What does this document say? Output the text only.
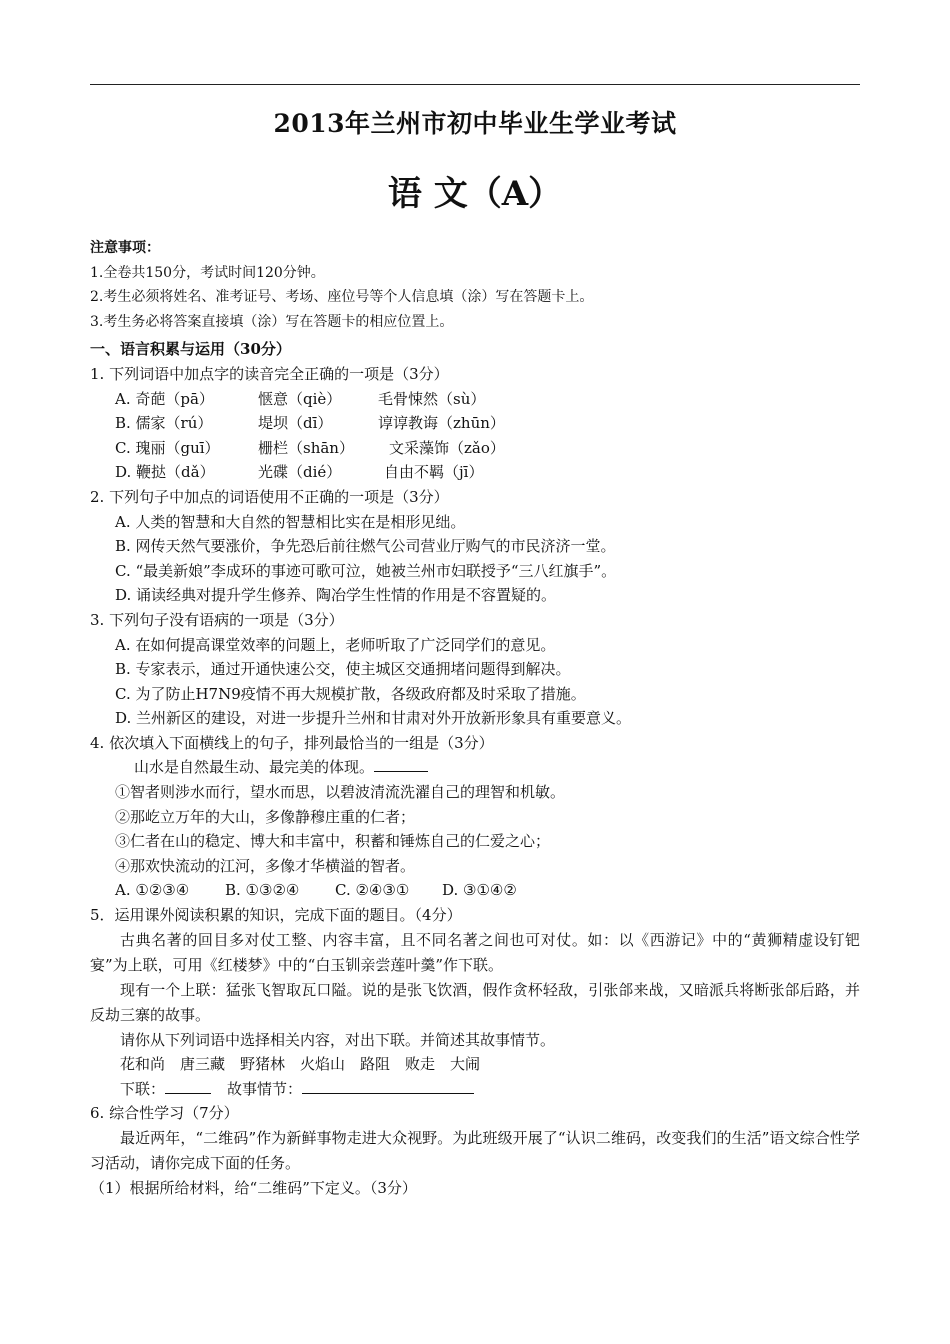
2013年兰州市初中毕业生学业考试
语 文（A）
注意事项：
1.全卷共150分，考试时间120分钟。
2.考生必须将姓名、准考证号、考场、座位号等个人信息填（涂）写在答题卡上。
3.考生务必将答案直接填（涂）写在答题卡的相应位置上。
一、语言积累与运用（30分）
1. 下列词语中加点字的读音完全正确的一项是（3分）
A. 奇葩（pā）	惬意（qiè） 毛骨悚然（sù）
B. 儒家（rú）	堤坝（dī）	谆谆教诲（zhūn）
C. 瑰丽（guī）	栅栏（shān） 文采藻饰（zǎo）
D. 鞭挞（dǎ）	光碟（dié）	自由不羁（jī）
2. 下列句子中加点的词语使用不正确的一项是（3分）
A. 人类的智慧和大自然的智慧相比实在是相形见绌。
B. 网传天然气要涨价，争先恐后前往燃气公司营业厅购气的市民济济一堂。
C. “最美新娘”李成环的事迹可歌可泣，她被兰州市妇联授予“三八红旗手”。
D. 诵读经典对提升学生修养、陶冶学生性情的作用是不容置疑的。
3. 下列句子没有语病的一项是（3分）
A. 在如何提高课堂效率的问题上，老师听取了广泛同学们的意见。
B. 专家表示，通过开通快速公交，使主城区交通拥堵问题得到解决。
C. 为了防止H7N9疫情不再大规模扩散，各级政府都及时采取了措施。
D. 兰州新区的建设，对进一步提升兰州和甘肃对外开放新形象具有重要意义。
4. 依次填入下面横线上的句子，排列最恰当的一组是（3分）
山水是自然最生动、最完美的体现。
①智者则涉水而行，望水而思，以碧波清流洗濯自己的理智和机敏。
②那屹立万年的大山，多像静穆庄重的仁者；
③仁者在山的稳定、博大和丰富中，积蓄和锤炼自己的仁爱之心；
④那欢快流动的江河，多像才华横溢的智者。
A. ①②③④ B. ①③②④ C. ②④③① D. ③①④②
5．运用课外阅读积累的知识，完成下面的题目。（4分）
古典名著的回目多对仗工整、内容丰富，且不同名著之间也可对仗。如：以《西游记》中的“黄狮精虚设钉钯宴”为上联，可用《红楼梦》中的“白玉钏亲尝莲叶羹”作下联。
现有一个上联：猛张飞智取瓦口隘。说的是张飞饮酒，假作贪杯轻敌，引张郃来战，又暗派兵将断张郃后路，并反劫三寨的故事。
请你从下列词语中选择相关内容，对出下联。并简述其故事情节。
花和尚　唐三藏　野猪林　火焰山　路阻　败走　大闹
下联：	故事情节：
6. 综合性学习（7分）
最近两年，“二维码”作为新鲜事物走进大众视野。为此班级开展了“认识二维码，改变我们的生活”语文综合性学习活动，请你完成下面的任务。
（1）根据所给材料，给“二维码”下定义。（3分）
